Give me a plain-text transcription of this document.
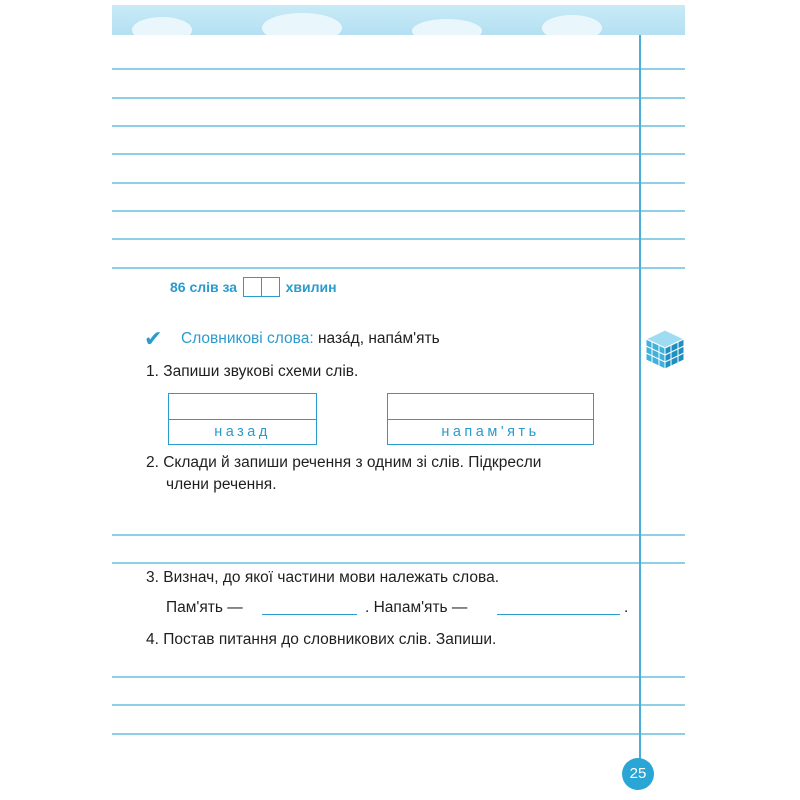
86 слів за	хвилин
✔ Словникові слова: назáд, напáм'ять
1. Запиши звукові схеми слів.
назад	напам'ять
2. Склади й запиши речення з одним зі слів. Підкресли
члени речення.
3. Визнач, до якої частини мови належать слова.
Пам'ять —	. Напам'ять —	.
4. Постав питання до словникових слів. Запиши.
25
